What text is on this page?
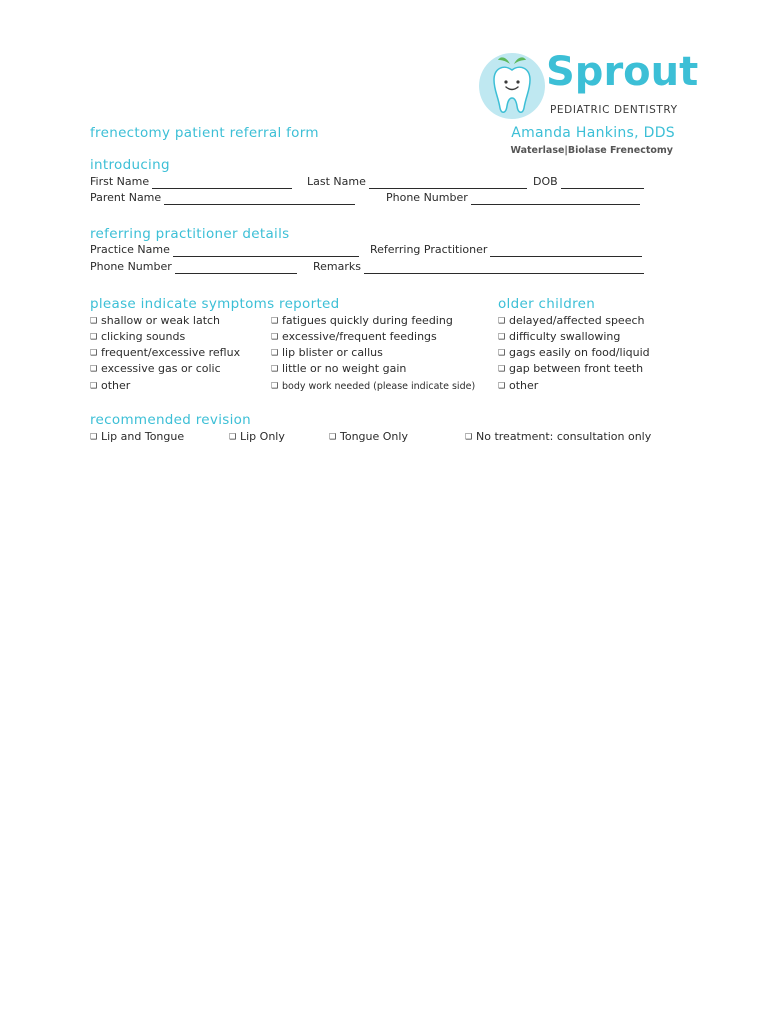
Sprout
PEDIATRIC DENTISTRY
frenectomy patient referral form	Amanda Hankins, DDS
Waterlase|Biolase Frenectomy
introducing
First Name	Last Name	DOB
Parent Name	Phone Number
referring practitioner details
Practice Name	Referring Practitioner
Phone Number	Remarks
please indicate symptoms reported	older children
❑ shallow or weak latch
❑ clicking sounds
❑ frequent/excessive reflux
❑ excessive gas or colic
❑ other
❑ fatigues quickly during feeding
❑ excessive/frequent feedings
❑ lip blister or callus
❑ little or no weight gain
❑ body work needed (please indicate side)
❑ delayed/affected speech
❑ difficulty swallowing
❑ gags easily on food/liquid
❑ gap between front teeth
❑ other
recommended revision
❑ Lip and Tongue	❑ Lip Only	❑ Tongue Only	❑ No treatment: consultation only
